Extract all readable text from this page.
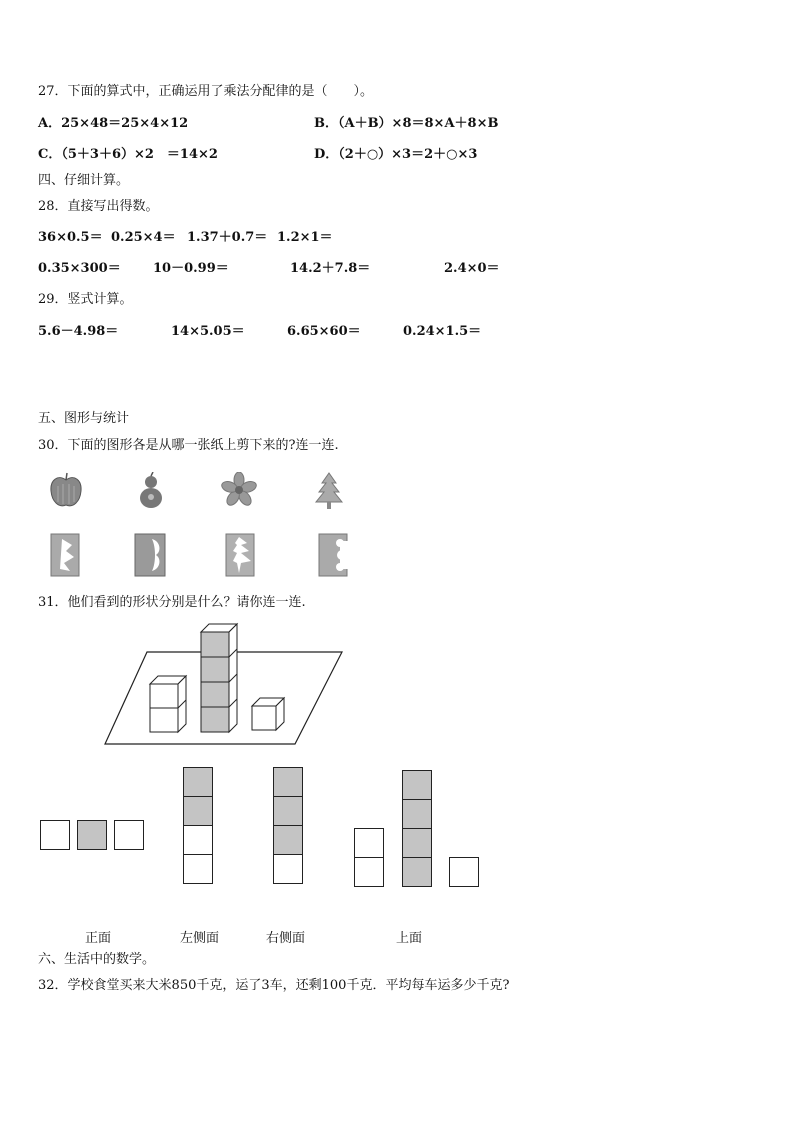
27．下面的算式中，正确运用了乘法分配律的是（　　）。
A．25×48＝25×4×12	B．（A＋B）×8＝8×A＋8×B
C．（5＋3＋6）×2　＝14×2	D．（2＋○）×3＝2＋○×3
四、仔细计算。
28．直接写出得数。
36×0.5＝ 0.25×4＝ 1.37＋0.7＝ 1.2×1＝
0.35×300＝ 10－0.99＝	14.2＋7.8＝	2.4×0＝
29．竖式计算。
5.6－4.98＝	14×5.05＝	6.65×60＝	0.24×1.5＝
五、图形与统计
30．下面的图形各是从哪一张纸上剪下来的?连一连.
31．他们看到的形状分别是什么？请你连一连.
正面	左侧面	右侧面	上面
六、生活中的数学。
32．学校食堂买来大米850千克，运了3车，还剩100千克．平均每车运多少千克?
